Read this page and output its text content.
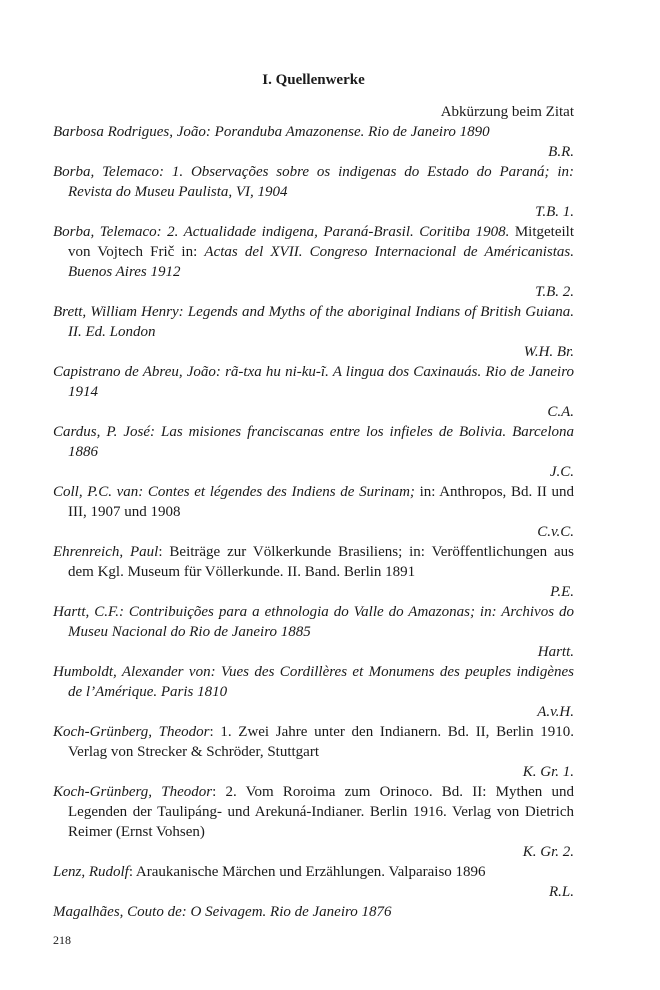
I. Quellenwerke
Abkürzung beim Zitat

Barbosa Rodrigues, João: Poranduba Amazonense. Rio de Janeiro 1890

B.R.

Borba, Telemaco: 1. Observações sobre os indigenas do Estado do Paraná; in: Revista do Museu Paulista, VI, 1904

T.B. 1.

Borba, Telemaco: 2. Actualidade indigena, Paraná-Brasil. Coritiba 1908. Mitgeteilt von Vojtech Frič in: Actas del XVII. Congreso Internacional de Américanistas. Buenos Aires 1912

T.B. 2.

Brett, William Henry: Legends and Myths of the aboriginal Indians of British Guiana. II. Ed. London

W.H. Br.

Capistrano de Abreu, João: rã-txa hu ni-ku-ĩ. A lingua dos Caxinauás. Rio de Janeiro 1914

C.A.

Cardus, P. José: Las misiones franciscanas entre los infieles de Bolivia. Barcelona 1886

J.C.

Coll, P.C. van: Contes et légendes des Indiens de Surinam; in: Anthropos, Bd. II und III, 1907 und 1908

C.v.C.

Ehrenreich, Paul: Beiträge zur Völkerkunde Brasiliens; in: Veröffentlichungen aus dem Kgl. Museum für Völlerkunde. II. Band. Berlin 1891

P.E.

Hartt, C.F.: Contribuições para a ethnologia do Valle do Amazonas; in: Archivos do Museu Nacional do Rio de Janeiro 1885

Hartt.

Humboldt, Alexander von: Vues des Cordillères et Monumens des peuples indigènes de l’Amérique. Paris 1810

A.v.H.

Koch-Grünberg, Theodor: 1. Zwei Jahre unter den Indianern. Bd. II, Berlin 1910. Verlag von Strecker & Schröder, Stuttgart

K. Gr. 1.

Koch-Grünberg, Theodor: 2. Vom Roroima zum Orinoco. Bd. II: Mythen und Legenden der Taulipáng- und Arekuná-Indianer. Berlin 1916. Verlag von Dietrich Reimer (Ernst Vohsen)

K. Gr. 2.

Lenz, Rudolf: Araukanische Märchen und Erzählungen. Valparaiso 1896

R.L.

Magalhães, Couto de: O Seivagem. Rio de Janeiro 1876

218
